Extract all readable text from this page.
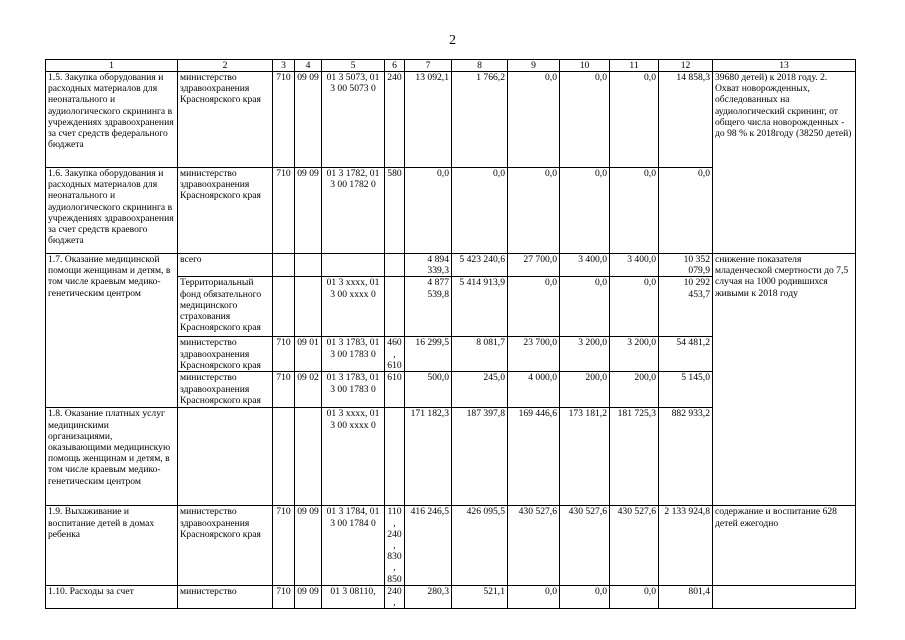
2
1	2	3	4	5	6	7	8	9	10	11	12	13
1.5. Закупка оборудования и расходных материалов для неонатального и аудиологического скрининга в учреждениях здравоохранения за счет средств федерального бюджета	министерство здравоохранения Красноярского края	710	09 09	01 3 5073, 01 3 00 5073 0	240	13 092,1	1 766,2	0,0	0,0	0,0	14 858,3	39680 детей) к 2018 году. 2. Охват новорожденных, обследованных на аудиологический скрининг, от общего числа новорожденных - до 98 % к 2018году (38250 детей)
1.6. Закупка оборудования и расходных материалов для неонатального и аудиологического скрининга в учреждениях здравоохранения за счет средств краевого бюджета	министерство здравоохранения Красноярского края	710	09 09	01 3 1782, 01 3 00 1782 0	580	0,0	0,0	0,0	0,0	0,0	0,0	
1.7. Оказание медицинской помощи женщинам и детям, в том числе краевым медико-генетическим центром	всего					4 894 339,3	5 423 240,6	27 700,0	3 400,0	3 400,0	10 352 079,9	снижение показателя младенческой смертности до 7,5 случая на 1000 родившихся живыми к 2018 году
	Территориальный фонд обязательного медицинского страхования Красноярского края			01 3 xxxx, 01 3 00 xxxx 0		4 877 539,8	5 414 913,9	0,0	0,0	0,0	10 292 453,7	
	министерство здравоохранения Красноярского края	710	09 01	01 3 1783, 01 3 00 1783 0	460, 610	16 299,5	8 081,7	23 700,0	3 200,0	3 200,0	54 481,2	
	министерство здравоохранения Красноярского края	710	09 02	01 3 1783, 01 3 00 1783 0	610	500,0	245,0	4 000,0	200,0	200,0	5 145,0	
1.8. Оказание платных услуг медицинскими организациями, оказывающими медицинскую помощь женщинам и детям, в том числе краевым медико-генетическим центром				01 3 xxxx, 01 3 00 xxxx 0		171 182,3	187 397,8	169 446,6	173 181,2	181 725,3	882 933,2	
1.9. Выхаживание и воспитание детей в домах ребенка	министерство здравоохранения Красноярского края	710	09 09	01 3 1784, 01 3 00 1784 0	110, 240, 830, 850	416 246,5	426 095,5	430 527,6	430 527,6	430 527,6	2 133 924,8	содержание и воспитание 628 детей ежегодно
1.10. Расходы за счет	министерство	710	09 09	01 3 08110,	240,	280,3	521,1	0,0	0,0	0,0	801,4	
